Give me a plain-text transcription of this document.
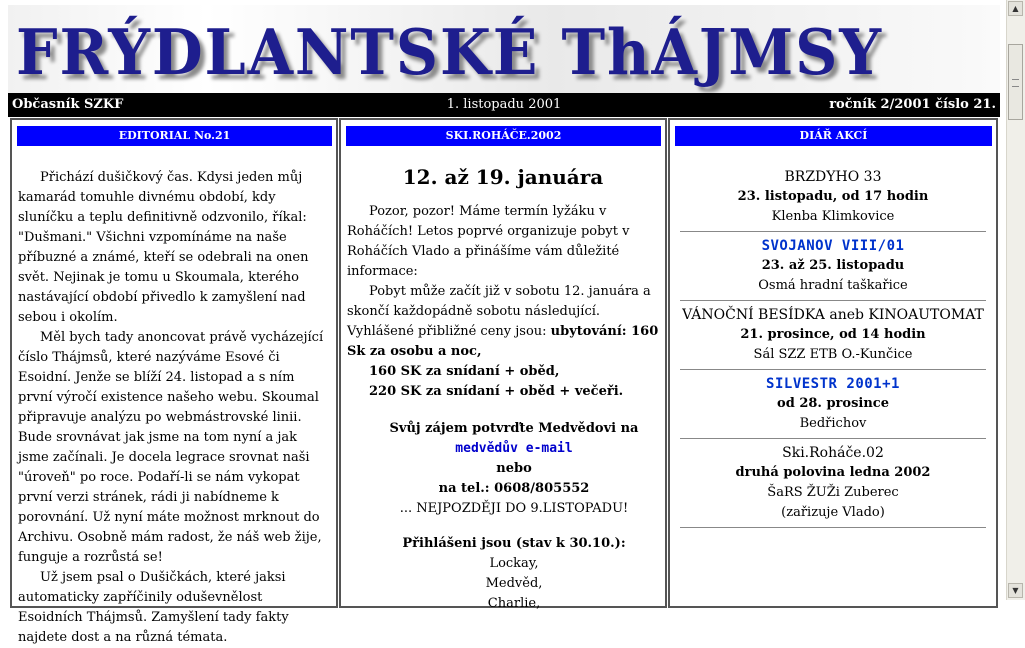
FRÝDLANTSKÉ ThÁJMSY
1. listopadu 2001
Občasník SZKF	ročník 2/2001 číslo 21.
EDITORIAL No.21

Přichází dušičkový čas. Kdysi jeden můj kamarád tomuhle divnému období, kdy sluníčku a teplu definitivně odzvonilo, říkal: "Dušmani." Všichni vzpomínáme na naše příbuzné a známé, kteří se odebrali na onen svět. Nejinak je tomu u Skoumala, kterého nastávající období přivedlo k zamyšlení nad sebou i okolím.

Měl bych tady anoncovat právě vycházející číslo Thájmsů, které nazýváme Esové či Esoidní. Jenže se blíží 24. listopad a s ním první výročí existence našeho webu. Skoumal připravuje analýzu po webmástrovské linii. Bude srovnávat jak jsme na tom nyní a jak jsme začínali. Je docela legrace srovnat naši "úroveň" po roce. Podaří-li se nám vykopat první verzi stránek, rádi ji nabídneme k porovnání. Už nyní máte možnost mrknout do Archivu. Osobně mám radost, že náš web žije, funguje a rozrůstá se!

Už jsem psal o Dušičkách, které jaksi automaticky zapříčinily oduševnělost Esoidních Thájmsů. Zamyšlení tady fakty najdete dost a na různá témata.

SKI.ROHÁČE.2002
12. až 19. januára

Pozor, pozor! Máme termín lyžáku v Roháčích! Letos poprvé organizuje pobyt v Roháčích Vlado a přinášíme vám důležité informace:

Pobyt může začít již v sobotu 12. januára a skončí každopádně sobotu následující. Vyhlášené přibližné ceny jsou: ubytování: 160 Sk za osobu a noc,

160 SK za snídaní + oběd,

220 SK za snídaní + oběd + večeři.

Svůj zájem potvrďte Medvědovi na

medvědův e-mail

nebo

na tel.: 0608/805552

... NEJPOZDĚJI DO 9.LISTOPADU!

Přihlášeni jsou (stav k 30.10.):

Lockay,

Medvěd,

Charlie,

DIÁŘ AKCÍ
BRZDYHO 33
23. listopadu, od 17 hodin
Klenba Klimkovice
SVOJANOV VIII/01
23. až 25. listopadu
Osmá hradní taškařice
VÁNOČNÍ BESÍDKA aneb KINOAUTOMAT
21. prosince, od 14 hodin
Sál SZZ ETB O.-Kunčice
SILVESTR 2001+1
od 28. prosince
Bedřichov
Ski.Roháče.02
druhá polovina ledna 2002
ŠaRS ŽUŽi Zuberec
(zařizuje Vlado)
▲
▼
